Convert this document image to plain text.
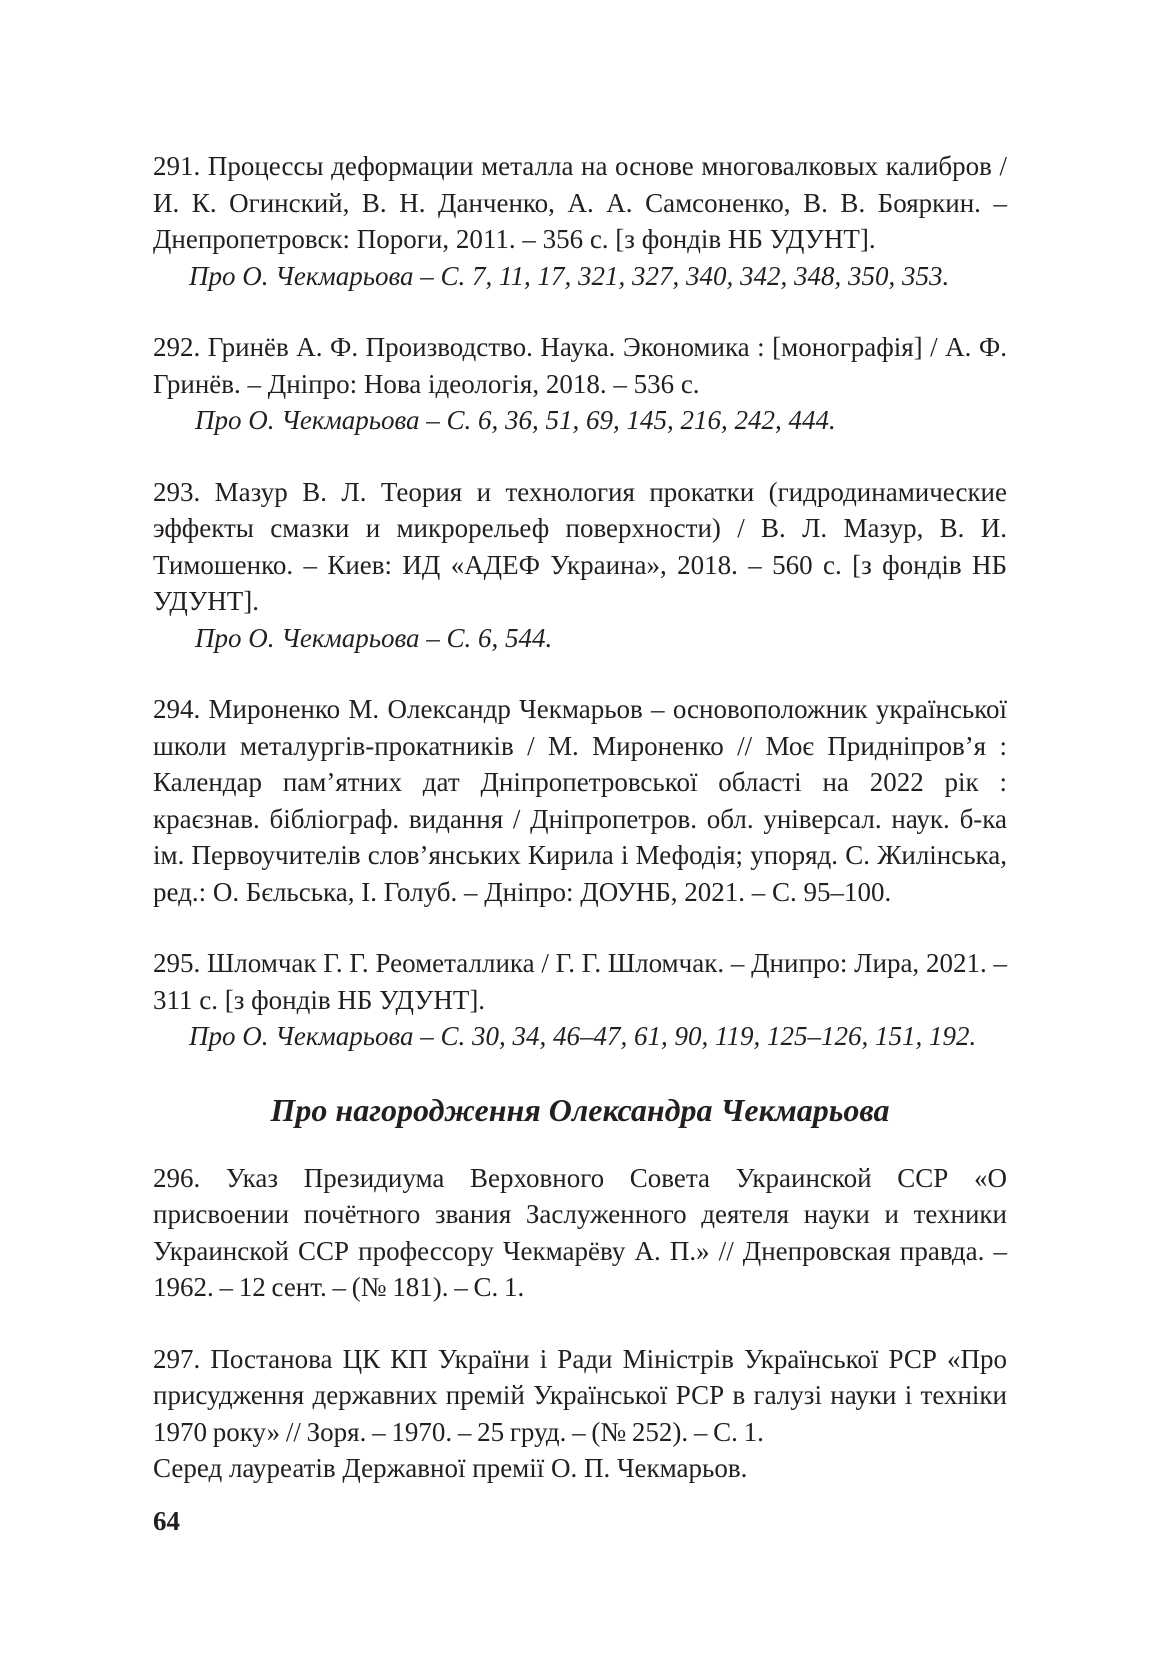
291. Процессы деформации металла на основе многовалковых калибров / И. К. Огинский, В. Н. Данченко, А. А. Самсоненко, В. В. Бояркин. – Днепропетровск: Пороги, 2011. – 356 с. [з фондів НБ УДУНТ].

Про О. Чекмарьова – С. 7, 11, 17, 321, 327, 340, 342, 348, 350, 353.

292. Гринёв А. Ф. Производство. Наука. Экономика : [монографія] / А. Ф. Гринёв. – Дніпро: Нова ідеологія, 2018. – 536 с.

Про О. Чекмарьова – С. 6, 36, 51, 69, 145, 216, 242, 444.

293. Мазур В. Л. Теория и технология прокатки (гидродинамические эффекты смазки и микрорельеф поверхности) / В. Л. Мазур, В. И. Тимошенко. – Киев: ИД «АДЕФ Украина», 2018. – 560 с. [з фондів НБ УДУНТ].

Про О. Чекмарьова – С. 6, 544.

294. Мироненко М. Олександр Чекмарьов – основоположник української школи металургів-прокатників / М. Мироненко // Моє Придніпров’я : Календар пам’ятних дат Дніпропетровської області на 2022 рік : краєзнав. бібліограф. видання / Дніпропетров. обл. універсал. наук. б-ка ім. Первоучителів слов’янських Кирила і Мефодія; упоряд. С. Жилінська, ред.: О. Бєльська, І. Голуб. – Дніпро: ДОУНБ, 2021. – С. 95–100.

295. Шломчак Г. Г. Реометаллика / Г. Г. Шломчак. – Днипро: Лира, 2021. – 311 с. [з фондів НБ УДУНТ].

Про О. Чекмарьова – С. 30, 34, 46–47, 61, 90, 119, 125–126, 151, 192.

Про нагородження Олександра Чекмарьова

296. Указ Президиума Верховного Совета Украинской ССР «О присвоении почётного звания Заслуженного деятеля науки и техники Украинской ССР профессору Чекмарёву А. П.» // Днепровская правда. – 1962. – 12 сент. – (№ 181). – С. 1.

297. Постанова ЦК КП України і Ради Міністрів Української РСР «Про присудження державних премій Української РСР в галузі науки і техніки 1970 року» // Зоря. – 1970. – 25 груд. – (№ 252). – С. 1.

Серед лауреатів Державної премії О. П. Чекмарьов.

64
